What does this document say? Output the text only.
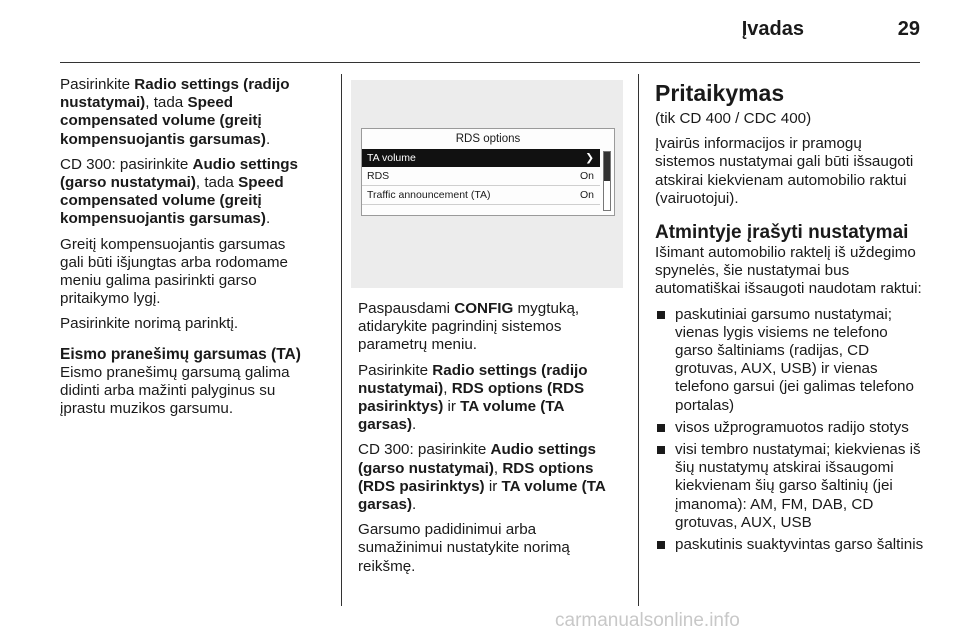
Įvadas	29

Pasirinkite Radio settings (radijo nustatymai), tada Speed compensated volume (greitį kompensuojantis garsumas).

CD 300: pasirinkite Audio settings (garso nustatymai), tada Speed compensated volume (greitį kompensuojantis garsumas).

Greitį kompensuojantis garsumas gali būti išjungtas arba rodomame meniu galima pasirinkti garso pritaikymo lygį.

Pasirinkite norimą parinktį.

Eismo pranešimų garsumas (TA)

Eismo pranešimų garsumą galima didinti arba mažinti palyginus su įprastu muzikos garsumu.

RDS options
TA volume	❯
RDS	On
Traffic announcement (TA)	On

Paspausdami CONFIG mygtuką, atidarykite pagrindinį sistemos parametrų meniu.

Pasirinkite Radio settings (radijo nustatymai), RDS options (RDS pasirinktys) ir TA volume (TA garsas).

CD 300: pasirinkite Audio settings (garso nustatymai), RDS options (RDS pasirinktys) ir TA volume (TA garsas).

Garsumo padidinimui arba sumažinimui nustatykite norimą reikšmę.

Pritaikymas

(tik CD 400 / CDC 400)

Įvairūs informacijos ir pramogų sistemos nustatymai gali būti išsaugoti atskirai kiekvienam automobilio raktui (vairuotojui).

Atmintyje įrašyti nustatymai

Išimant automobilio raktelį iš uždegimo spynelės, šie nustatymai bus automatiškai išsaugoti naudotam raktui:

paskutiniai garsumo nustatymai; vienas lygis visiems ne telefono garso šaltiniams (radijas, CD grotuvas, AUX, USB) ir vienas telefono garsui (jei galimas telefono portalas)
visos užprogramuotos radijo stotys
visi tembro nustatymai; kiekvienas iš šių nustatymų atskirai išsaugomi kiekvienam šių garso šaltinių (jei įmanoma): AM, FM, DAB, CD grotuvas, AUX, USB
paskutinis suaktyvintas garso šaltinis
carmanualsonline.info
